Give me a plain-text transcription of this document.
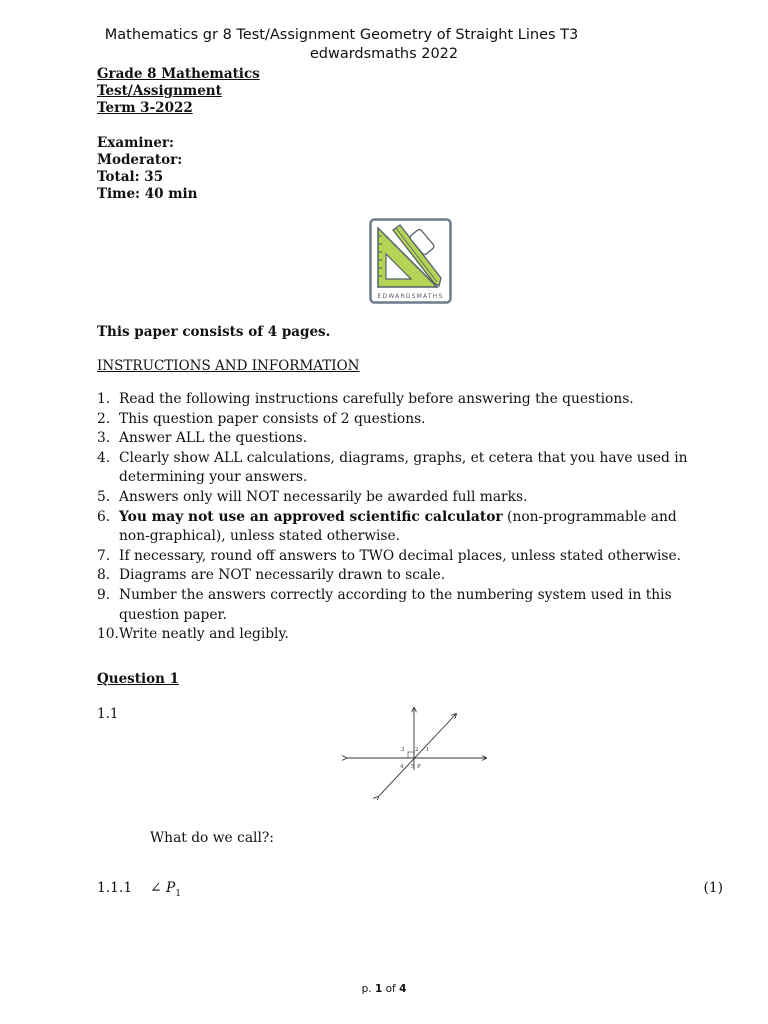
Mathematics gr 8 Test/Assignment Geometry of Straight Lines T3
edwardsmaths 2022
Grade 8 Mathematics
Test/Assignment
Term 3-2022
Examiner:
Moderator:
Total: 35
Time: 40 min
EDWARDSMATHS
This paper consists of 4 pages.
INSTRUCTIONS AND INFORMATION
1. Read the following instructions carefully before answering the questions.
2. This question paper consists of 2 questions.
3. Answer ALL the questions.
4. Clearly show ALL calculations, diagrams, graphs, et cetera that you have used in determining your answers.
5. Answers only will NOT necessarily be awarded full marks.
6. You may not use an approved scientific calculator (non-programmable and non-graphical), unless stated otherwise.
7. If necessary, round off answers to TWO decimal places, unless stated otherwise.
8. Diagrams are NOT necessarily drawn to scale.
9. Number the answers correctly according to the numbering system used in this question paper.
10. Write neatly and legibly.
Question 1
1.1
3 2 1
4 5 P
What do we call?:
1.1.1 ∠ $P_1$	(1)
p. 1 of 4
